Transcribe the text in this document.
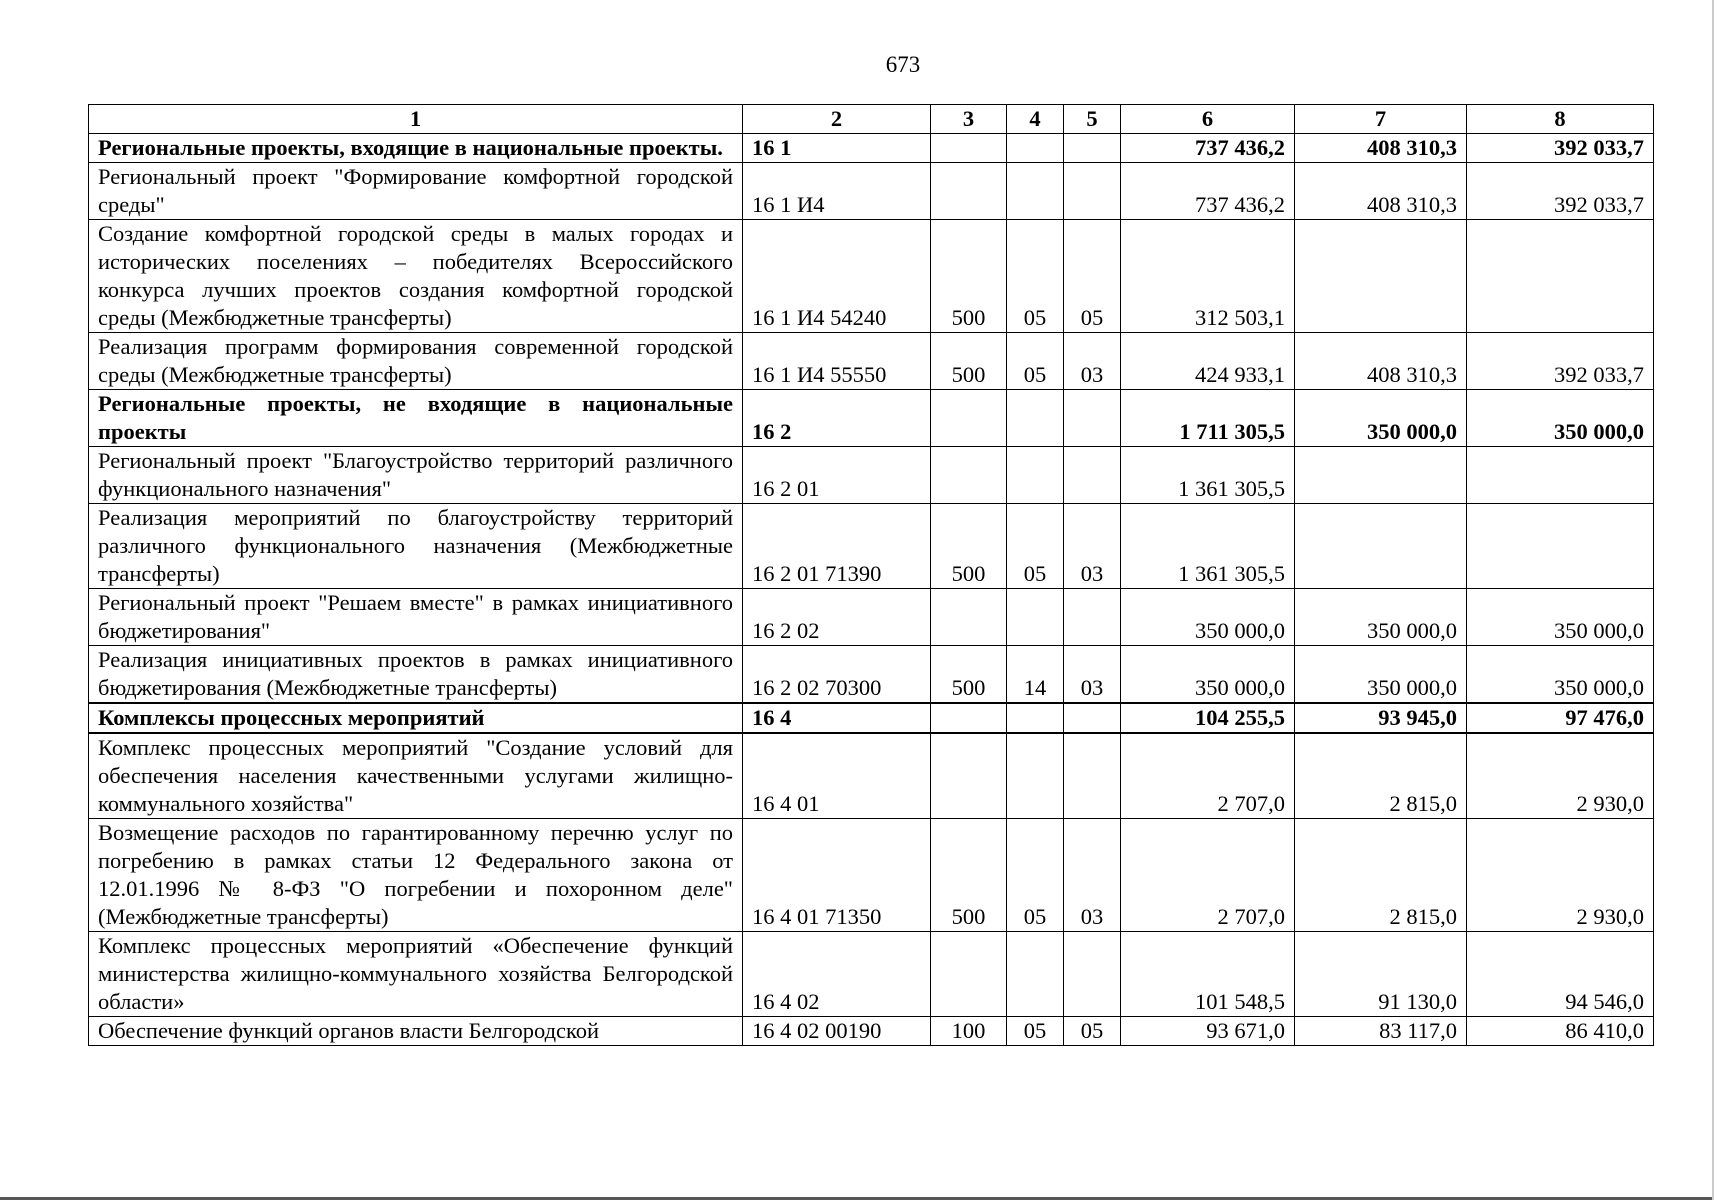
673
1	2	3	4	5	6	7	8
Региональные проекты, входящие в национальные проекты.	16 1				737 436,2	408 310,3	392 033,7
Региональный проект "Формирование комфортной городской среды"	16 1 И4				737 436,2	408 310,3	392 033,7
Создание комфортной городской среды в малых городах и исторических поселениях – победителях Всероссийского конкурса лучших проектов создания комфортной городской среды (Межбюджетные трансферты)	16 1 И4 54240	500	05	05	312 503,1		
Реализация программ формирования современной городской среды (Межбюджетные трансферты)	16 1 И4 55550	500	05	03	424 933,1	408 310,3	392 033,7
Региональные проекты, не входящие в национальные проекты	16 2				1 711 305,5	350 000,0	350 000,0
Региональный проект "Благоустройство территорий различного функционального назначения"	16 2 01				1 361 305,5		
Реализация мероприятий по благоустройству территорий различного функционального назначения (Межбюджетные трансферты)	16 2 01 71390	500	05	03	1 361 305,5		
Региональный проект "Решаем вместе" в рамках инициативного бюджетирования"	16 2 02				350 000,0	350 000,0	350 000,0
Реализация инициативных проектов в рамках инициативного бюджетирования (Межбюджетные трансферты)	16 2 02 70300	500	14	03	350 000,0	350 000,0	350 000,0
Комплексы процессных мероприятий	16 4				104 255,5	93 945,0	97 476,0
Комплекс процессных мероприятий "Создание условий для обеспечения населения качественными услугами жилищно-коммунального хозяйства"	16 4 01				2 707,0	2 815,0	2 930,0
Возмещение расходов по гарантированному перечню услуг по погребению в рамках статьи 12 Федерального закона от 12.01.1996 № 8-ФЗ "О погребении и похоронном деле" (Межбюджетные трансферты)	16 4 01 71350	500	05	03	2 707,0	2 815,0	2 930,0
Комплекс процессных мероприятий «Обеспечение функций министерства жилищно-коммунального хозяйства Белгородской области»	16 4 02				101 548,5	91 130,0	94 546,0
Обеспечение функций органов власти Белгородской	16 4 02 00190	100	05	05	93 671,0	83 117,0	86 410,0
